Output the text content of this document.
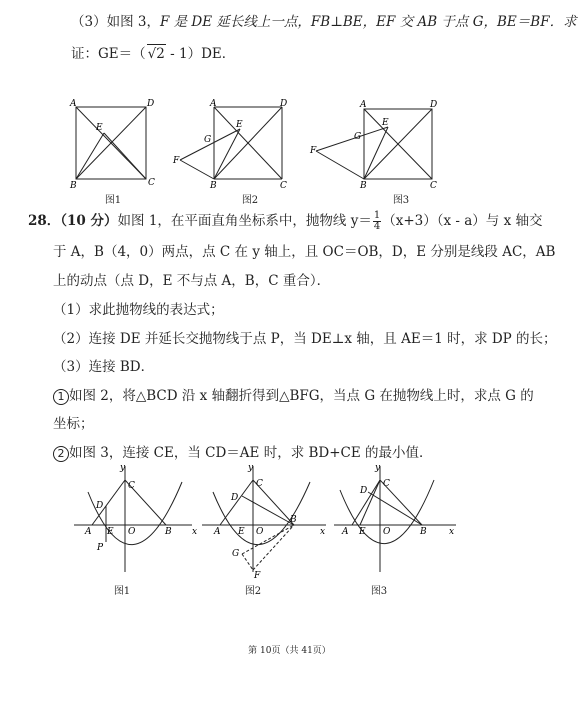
（3）如图 3，F 是 DE 延长线上一点，FB⊥BE，EF 交 AB 于点 G，BE＝BF．求
证：GE＝（ √2 - 1）DE．
A	D
E
B	C
图1
A	D
E
G
F
B	C
图2
A	D
E
G
F
B	C
图3
28．（10 分）如图 1，在平面直角坐标系中，抛物线 $y= \frac{1}{4} (x+3)(x - a)$与 x 轴交
于 A，B（4，0）两点，点 C 在 y 轴上，且 OC＝OB，D，E 分别是线段 AC，AB
上的动点（点 D，E 不与点 A，B，C 重合）．
（1）求此抛物线的表达式；
（2）连接 DE 并延长交抛物线于点 P，当 DE⊥x 轴，且 AE＝1 时，求 DP 的长；
（3）连接 BD．
1 如图 2，将△BCD 沿 x 轴翻折得到△BFG，当点 G 在抛物线上时，求点 G 的
坐标；
2 如图 3，连接 CE，当 CD＝AE 时，求 BD+CE 的最小值．
y
x
C
D
A E O	B
P
图1
y
x
C
D
A E O
B
G
F
图2
y
x
C
D
A E O	B
图3
第 10页（共 41页）
